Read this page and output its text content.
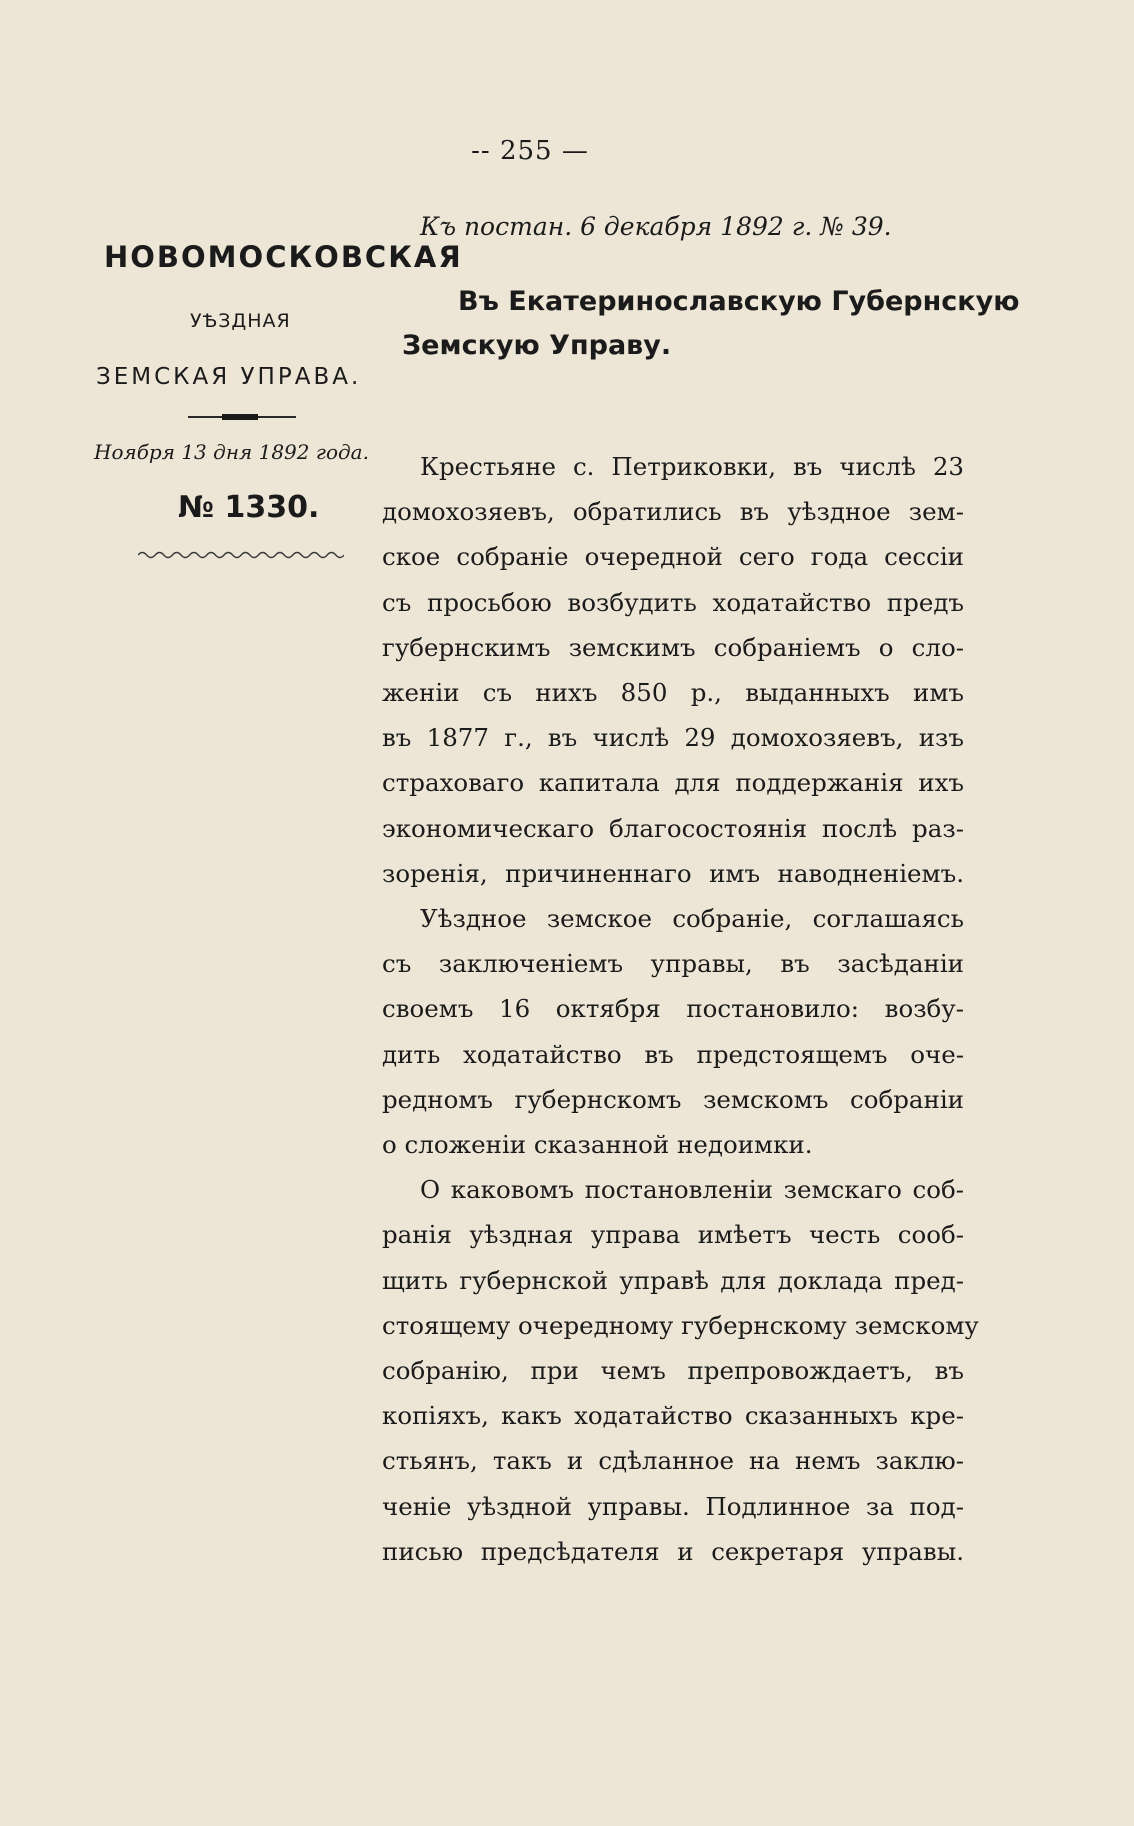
-- 255 —
НОВОМОСКОВСКАЯ
УѢЗДНАЯ
ЗЕМСКАЯ УПРАВА.
Ноября 13 дня 1892 года.
№ 1330.
Къ постан. 6 декабря 1892 г. № 39.
Въ Екатеринославскую Губернскую
Земскую Управу.
Крестьяне с. Петриковки, въ числѣ 23
домохозяевъ, обратились въ уѣздное зем-
ское собраніе очередной сего года сессіи
съ просьбою возбудить ходатайство предъ
губернскимъ земскимъ собраніемъ о сло-
женіи съ нихъ 850 р., выданныхъ имъ
въ 1877 г., въ числѣ 29 домохозяевъ, изъ
страховаго капитала для поддержанія ихъ
экономическаго благосостоянія послѣ раз-
зоренія, причиненнаго имъ наводненіемъ.
Уѣздное земское собраніе, соглашаясь
съ заключеніемъ управы, въ засѣданіи
своемъ 16 октября постановило: возбу-
дить ходатайство въ предстоящемъ оче-
редномъ губернскомъ земскомъ собраніи
о сложеніи сказанной недоимки.
О каковомъ постановленіи земскаго соб-
ранія уѣздная управа имѣетъ честь сооб-
щить губернской управѣ для доклада пред-
стоящему очередному губернскому земскому
собранію, при чемъ препровождаетъ, въ
копіяхъ, какъ ходатайство сказанныхъ кре-
стьянъ, такъ и сдѣланное на немъ заклю-
ченіе уѣздной управы. Подлинное за под-
писью предсѣдателя и секретаря управы.
